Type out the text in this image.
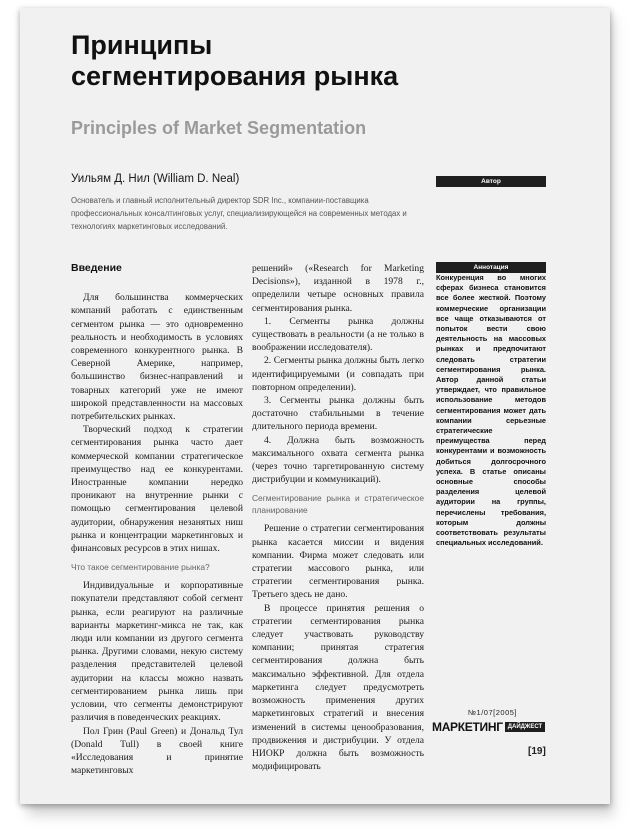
Принципы сегментирования рынка
Principles of Market Segmentation
Уильям Д. Нил (William D. Neal)
Основатель и главный исполнительный директор SDR Inc., компании-поставщика профессиональных консалтинговых услуг, специализирующейся на современных методах и технологиях маркетинговых исследований.
Автор
Аннотация
Конкуренция во многих сферах бизнеса становится все более жесткой. Поэтому коммерческие организации все чаще отказываются от попыток вести свою деятельность на массовых рынках и предпочитают следовать стратегии сегментирования рынка. Автор данной статьи утверждает, что правильное использование методов сегментирования может дать компании серьезные стратегические преимущества перед конкурентами и возможность добиться долгосрочного успеха. В статье описаны основные способы разделения целевой аудитории на группы, перечислены требования, которым должны соответствовать результаты специальных исследований.
Введение

Для большинства коммерческих компаний работать с единственным сегментом рынка — это одновременно реальность и необходимость в условиях современного конкурентного рынка. В Северной Америке, например, большинство бизнес-направлений и товарных категорий уже не имеют широкой представленности на массовых потребительских рынках.

Творческий подход к стратегии сегментирования рынка часто дает коммерческой компании стратегическое преимущество над ее конкурентами. Иностранные компании нередко проникают на внутренние рынки с помощью сегментирования целевой аудитории, обнаружения незанятых ниш рынка и концентрации маркетинговых и финансовых ресурсов в этих нишах.

Что такое сегментирование рынка?

Индивидуальные и корпоративные покупатели представляют собой сегмент рынка, если реагируют на различные варианты маркетинг-микса не так, как люди или компании из другого сегмента рынка. Другими словами, некую систему разделения представителей целевой аудитории на классы можно назвать сегментированием рынка лишь при условии, что сегменты демонстрируют различия в поведенческих реакциях.

Пол Грин (Paul Green) и Дональд Тул (Donald Tull) в своей книге «Исследования и принятие маркетинговых

решений» («Research for Marketing Decisions»), изданной в 1978 г., определили четыре основных правила сегментирования рынка.

1. Сегменты рынка должны существовать в реальности (а не только в воображении исследователя).

2. Сегменты рынка должны быть легко идентифицируемыми (и совпадать при повторном определении).

3. Сегменты рынка должны быть достаточно стабильными в течение длительного периода времени.

4. Должна быть возможность максимального охвата сегмента рынка (через точно таргетированную систему дистрибуции и коммуникаций).

Сегментирование рынка и стратегическое планирование

Решение о стратегии сегментирования рынка касается миссии и видения компании. Фирма может следовать или стратегии массового рынка, или стратегии сегментирования рынка. Третьего здесь не дано.

В процессе принятия решения о стратегии сегментирования рынка следует участвовать руководству компании; принятая стратегия сегментирования должна быть максимально эффективной. Для отдела маркетинга следует предусмотреть возможность применения других маркетинговых стратегий и внесения изменений в системы ценообразования, продвижения и дистрибуции. У отдела НИОКР должна быть возможность модифицировать

№1/07[2005]
МАРКЕТИНГ ДАЙДЖЕСТ
[19]
